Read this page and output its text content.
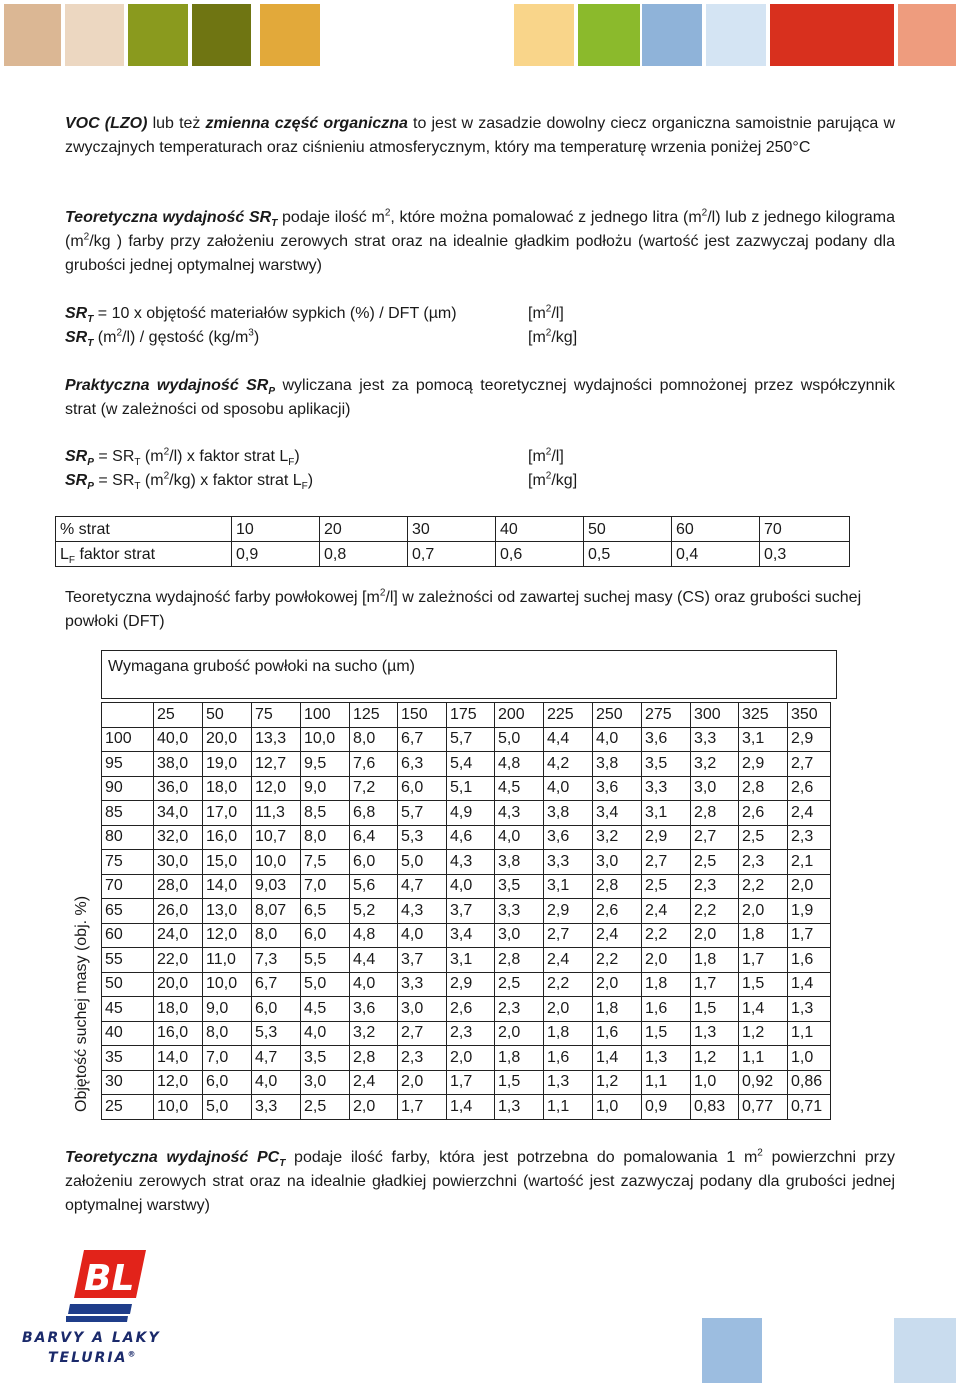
VOC (LZO) lub też zmienna część organiczna to jest w zasadzie dowolny ciecz organiczna samoistnie parująca w zwyczajnych temperaturach oraz ciśnieniu atmosferycznym, który ma temperaturę wrzenia poniżej 250°C

Teoretyczna wydajność $SR_T$ podaje ilość $m^2$, które można pomalować z jednego litra $(m^2/l)$ lub z jednego kilograma ($m^2/kg$ ) farby przy założeniu zerowych strat oraz na idealnie gładkim podłożu (wartość jest zazwyczaj podany dla grubości jednej optymalnej warstwy)

$SR_T = 10$ x objętość materiałów sypkich (%) / DFT (µm)	$[m^2/l]$
$SR_T$ $(m^2/l)$ / gęstość $(kg/m^3)$	$[m^2/kg]$

Praktyczna wydajność $SR_P$ wyliczana jest za pomocą teoretycznej wydajności pomnożonej przez współczynnik strat (w zależności od sposobu aplikacji)

$SR_P = SR_T$ $(m^2/l)$ x faktor strat $L_F$)	$[m^2/l]$
$SR_P = SR_T$ $(m^2/kg)$ x faktor strat $L_F$)	$[m^2/kg]$
% strat	10	20	30	40	50	60	70
$L_F$ faktor strat	0,9	0,8	0,7	0,6	0,5	0,4	0,3

Teoretyczna wydajność farby powłokowej $[m^2/l]$ w zależności od zawartej suchej masy (CS) oraz grubości suchej powłoki (DFT)

Wymagana grubość powłoki na sucho (µm)
Objętość suchej masy (obj. %)
	25	50	75	100	125	150	175	200	225	250	275	300	325	350
100	40,0	20,0	13,3	10,0	8,0	6,7	5,7	5,0	4,4	4,0	3,6	3,3	3,1	2,9
95	38,0	19,0	12,7	9,5	7,6	6,3	5,4	4,8	4,2	3,8	3,5	3,2	2,9	2,7
90	36,0	18,0	12,0	9,0	7,2	6,0	5,1	4,5	4,0	3,6	3,3	3,0	2,8	2,6
85	34,0	17,0	11,3	8,5	6,8	5,7	4,9	4,3	3,8	3,4	3,1	2,8	2,6	2,4
80	32,0	16,0	10,7	8,0	6,4	5,3	4,6	4,0	3,6	3,2	2,9	2,7	2,5	2,3
75	30,0	15,0	10,0	7,5	6,0	5,0	4,3	3,8	3,3	3,0	2,7	2,5	2,3	2,1
70	28,0	14,0	9,03	7,0	5,6	4,7	4,0	3,5	3,1	2,8	2,5	2,3	2,2	2,0
65	26,0	13,0	8,07	6,5	5,2	4,3	3,7	3,3	2,9	2,6	2,4	2,2	2,0	1,9
60	24,0	12,0	8,0	6,0	4,8	4,0	3,4	3,0	2,7	2,4	2,2	2,0	1,8	1,7
55	22,0	11,0	7,3	5,5	4,4	3,7	3,1	2,8	2,4	2,2	2,0	1,8	1,7	1,6
50	20,0	10,0	6,7	5,0	4,0	3,3	2,9	2,5	2,2	2,0	1,8	1,7	1,5	1,4
45	18,0	9,0	6,0	4,5	3,6	3,0	2,6	2,3	2,0	1,8	1,6	1,5	1,4	1,3
40	16,0	8,0	5,3	4,0	3,2	2,7	2,3	2,0	1,8	1,6	1,5	1,3	1,2	1,1
35	14,0	7,0	4,7	3,5	2,8	2,3	2,0	1,8	1,6	1,4	1,3	1,2	1,1	1,0
30	12,0	6,0	4,0	3,0	2,4	2,0	1,7	1,5	1,3	1,2	1,1	1,0	0,92	0,86
25	10,0	5,0	3,3	2,5	2,0	1,7	1,4	1,3	1,1	1,0	0,9	0,83	0,77	0,71

Teoretyczna wydajność $PC_T$ podaje ilość farby, która jest potrzebna do pomalowania 1 $m^2$ powierzchni przy założeniu zerowych strat oraz na idealnie gładkiej powierzchni (wartość jest zazwyczaj podany dla grubości jednej optymalnej warstwy)

BL
BARVY A LAKY
TELURIA®
